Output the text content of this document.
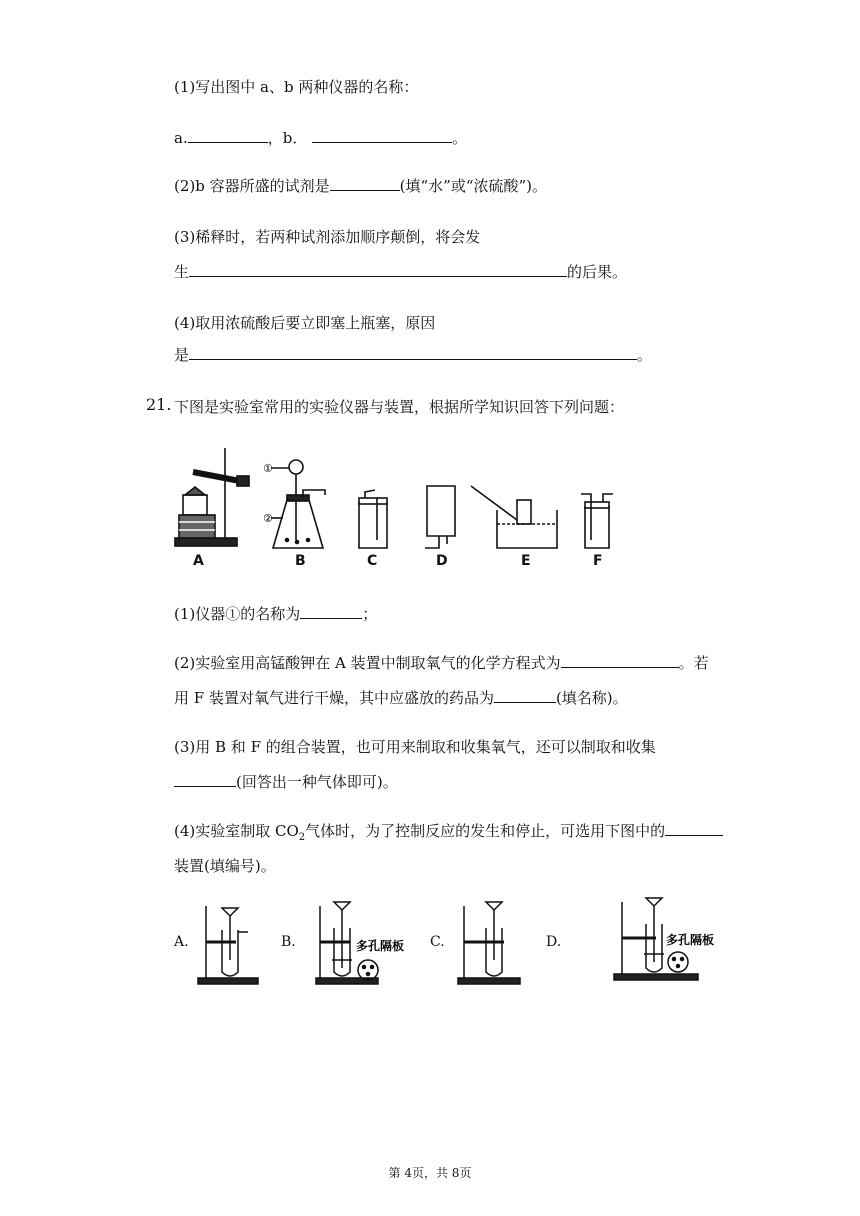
(1)写出图中 a、b 两种仪器的名称：
a.	，b．	。
(2)b 容器所盛的试剂是	(填“水”或“浓硫酸”)。
(3)稀释时，若两种试剂添加顺序颠倒，将会发
生	的后果。
(4)取用浓硫酸后要立即塞上瓶塞，原因
是	。
21. 下图是实验室常用的实验仪器与装置，根据所学知识回答下列问题：
①
②
A	B	C	D	E	F
(1)仪器①的名称为	；
(2)实验室用高锰酸钾在 A 装置中制取氧气的化学方程式为	。若
用 F 装置对氧气进行干燥，其中应盛放的药品为	(填名称)。
(3)用 B 和 F 的组合装置，也可用来制取和收集氧气，还可以制取和收集
(回答出一种气体即可)。
(4)实验室制取 $CO_2$气体时，为了控制反应的发生和停止，可选用下图中的
装置(填编号)。
A.	B.	C.	D.
多孔隔板	多孔隔板
第 4页，共 8页
